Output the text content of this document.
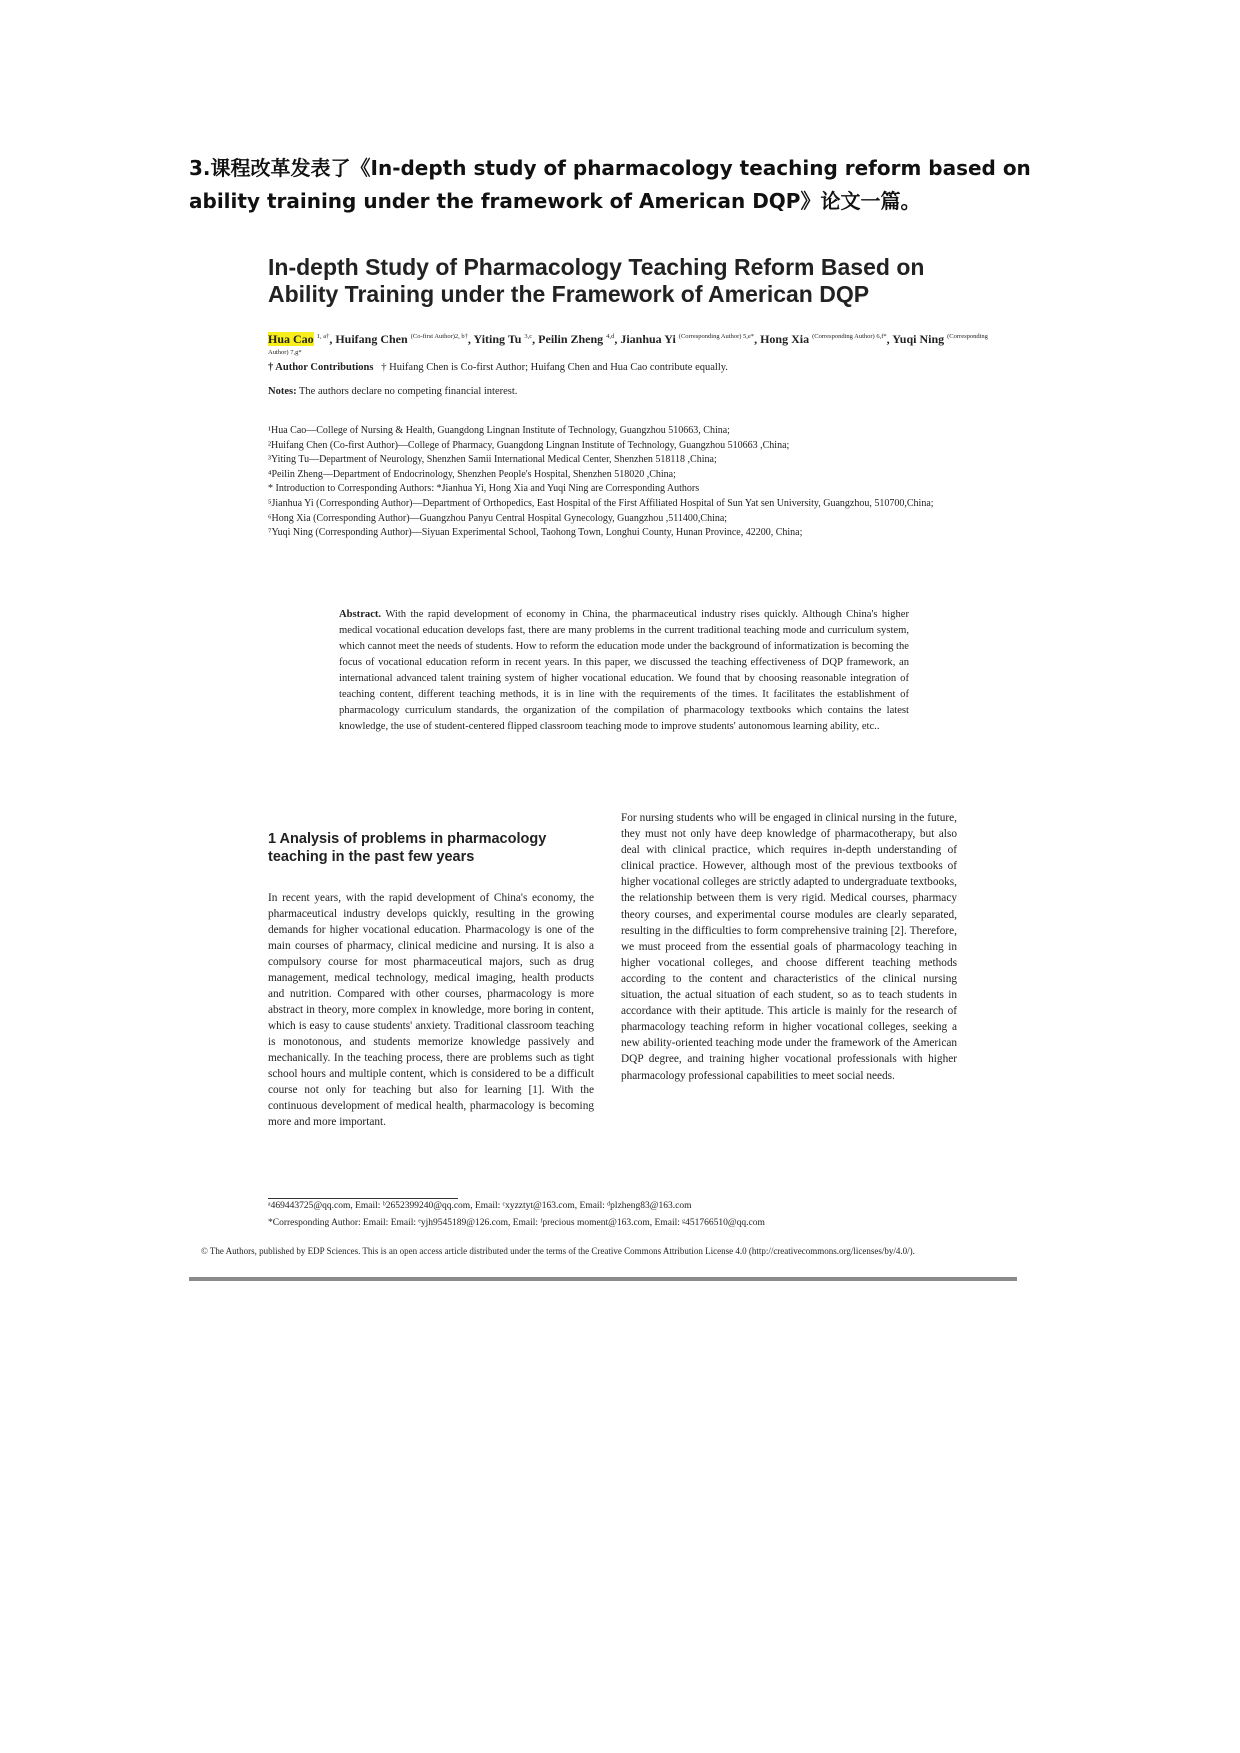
3.课程改革发表了《In-depth study of pharmacology teaching reform based on ability training under the framework of American DQP》论文一篇。
In-depth Study of Pharmacology Teaching Reform Based on
Ability Training under the Framework of American DQP
Hua Cao $^{1, a\dagger}$, Huifang Chen $^{(Co-first Author)2, b\dagger}$, Yiting Tu $^{3,c}$, Peilin Zheng $^{4,d}$, Jianhua Yi $^{(Corresponding Author) 5,e*}$, Hong Xia $^{(Corresponding Author) 6,f*}$, Yuqi Ning $^{(Corresponding Author) 7,g*}$
† Author Contributions † Huifang Chen is Co-first Author; Huifang Chen and Hua Cao contribute equally.
Notes: The authors declare no competing financial interest.
¹Hua Cao—College of Nursing & Health, Guangdong Lingnan Institute of Technology, Guangzhou 510663, China;
²Huifang Chen (Co-first Author)—College of Pharmacy, Guangdong Lingnan Institute of Technology, Guangzhou 510663 ,China;
³Yiting Tu—Department of Neurology, Shenzhen Samii International Medical Center, Shenzhen 518118 ,China;
⁴Peilin Zheng—Department of Endocrinology, Shenzhen People's Hospital, Shenzhen 518020 ,China;
* Introduction to Corresponding Authors: *Jianhua Yi, Hong Xia and Yuqi Ning are Corresponding Authors
⁵Jianhua Yi (Corresponding Author)—Department of Orthopedics, East Hospital of the First Affiliated Hospital of Sun Yat sen University, Guangzhou, 510700,China;
⁶Hong Xia (Corresponding Author)—Guangzhou Panyu Central Hospital Gynecology, Guangzhou ,511400,China;
⁷Yuqi Ning (Corresponding Author)—Siyuan Experimental School, Taohong Town, Longhui County, Hunan Province, 42200, China;
Abstract. With the rapid development of economy in China, the pharmaceutical industry rises quickly. Although China's higher medical vocational education develops fast, there are many problems in the current traditional teaching mode and curriculum system, which cannot meet the needs of students. How to reform the education mode under the background of informatization is becoming the focus of vocational education reform in recent years. In this paper, we discussed the teaching effectiveness of DQP framework, an international advanced talent training system of higher vocational education. We found that by choosing reasonable integration of teaching content, different teaching methods, it is in line with the requirements of the times. It facilitates the establishment of pharmacology curriculum standards, the organization of the compilation of pharmacology textbooks which contains the latest knowledge, the use of student-centered flipped classroom teaching mode to improve students' autonomous learning ability, etc..
1 Analysis of problems in pharmacology teaching in the past few years
In recent years, with the rapid development of China's economy, the pharmaceutical industry develops quickly, resulting in the growing demands for higher vocational education. Pharmacology is one of the main courses of pharmacy, clinical medicine and nursing. It is also a compulsory course for most pharmaceutical majors, such as drug management, medical technology, medical imaging, health products and nutrition. Compared with other courses, pharmacology is more abstract in theory, more complex in knowledge, more boring in content, which is easy to cause students' anxiety. Traditional classroom teaching is monotonous, and students memorize knowledge passively and mechanically. In the teaching process, there are problems such as tight school hours and multiple content, which is considered to be a difficult course not only for teaching but also for learning [1]. With the continuous development of medical health, pharmacology is becoming more and more important.
For nursing students who will be engaged in clinical nursing in the future, they must not only have deep knowledge of pharmacotherapy, but also deal with clinical practice, which requires in-depth understanding of clinical practice. However, although most of the previous textbooks of higher vocational colleges are strictly adapted to undergraduate textbooks, the relationship between them is very rigid. Medical courses, pharmacy theory courses, and experimental course modules are clearly separated, resulting in the difficulties to form comprehensive training [2]. Therefore, we must proceed from the essential goals of pharmacology teaching in higher vocational colleges, and choose different teaching methods according to the content and characteristics of the clinical nursing situation, the actual situation of each student, so as to teach students in accordance with their aptitude. This article is mainly for the research of pharmacology teaching reform in higher vocational colleges, seeking a new ability-oriented teaching mode under the framework of the American DQP degree, and training higher vocational professionals with higher pharmacology professional capabilities to meet social needs.
ᵃ469443725@qq.com, Email: ᵇ2652399240@qq.com, Email: ᶜxyzztyt@163.com, Email: ᵈplzheng83@163.com
*Corresponding Author: Email: Email: ᵉyjh9545189@126.com, Email: ᶠprecious moment@163.com, Email: ᵍ451766510@qq.com
© The Authors, published by EDP Sciences. This is an open access article distributed under the terms of the Creative Commons Attribution License 4.0 (http://creativecommons.org/licenses/by/4.0/).
